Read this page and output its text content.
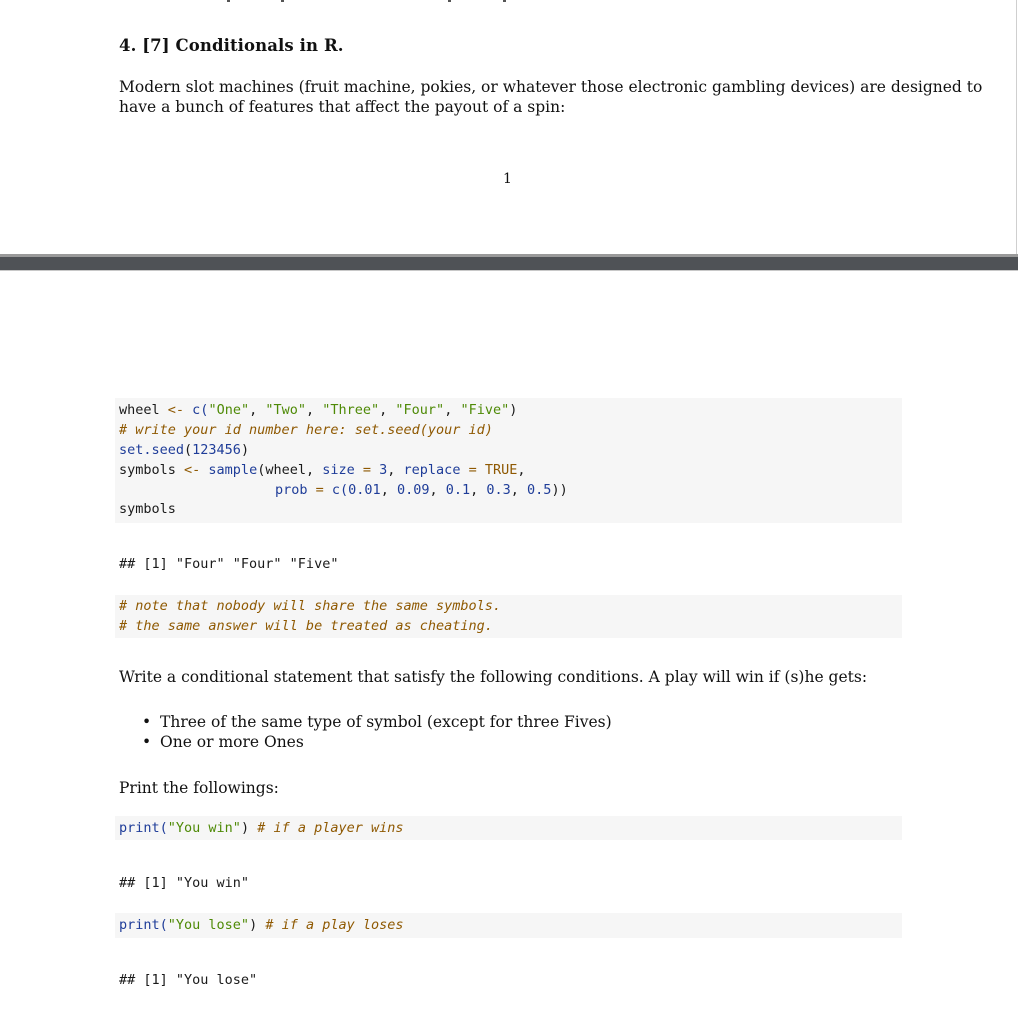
4. [7] Conditionals in R.
Modern slot machines (fruit machine, pokies, or whatever those electronic gambling devices) are designed to
have a bunch of features that affect the payout of a spin:
1
wheel <- c("One", "Two", "Three", "Four", "Five")
# write your id number here: set.seed(your id)
set.seed(123456)
symbols <- sample(wheel, size = 3, replace = TRUE,
prob = c(0.01, 0.09, 0.1, 0.3, 0.5))
symbols
## [1] "Four" "Four" "Five"
# note that nobody will share the same symbols.
# the same answer will be treated as cheating.
Write a conditional statement that satisfy the following conditions. A play will win if (s)he gets:
• Three of the same type of symbol (except for three Fives)
• One or more Ones
Print the followings:
print("You win") # if a player wins
## [1] "You win"
print("You lose") # if a play loses
## [1] "You lose"
